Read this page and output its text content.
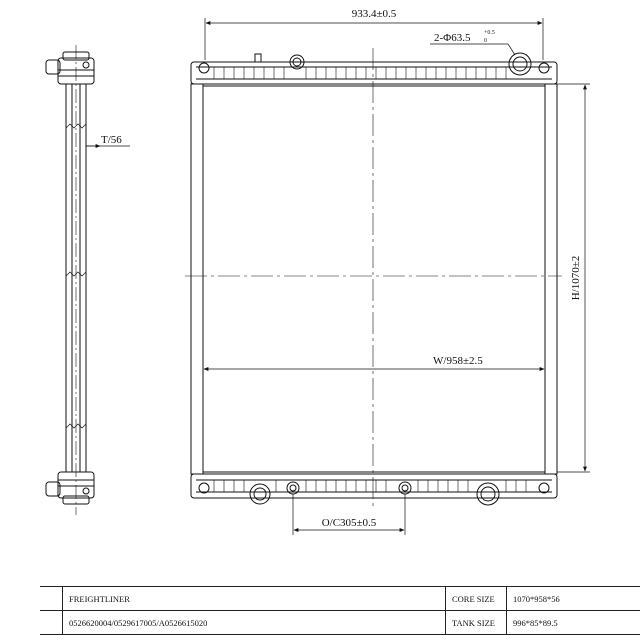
T/56
933.4±0.5
2-Φ63.5 +0.5
0
H/1070±2
W/958±2.5
O/C305±0.5
	FREIGHTLINER	CORE SIZE	1070*958*56
	0526620004/0529617005/A0526615020	TANK SIZE	996*85*89.5
